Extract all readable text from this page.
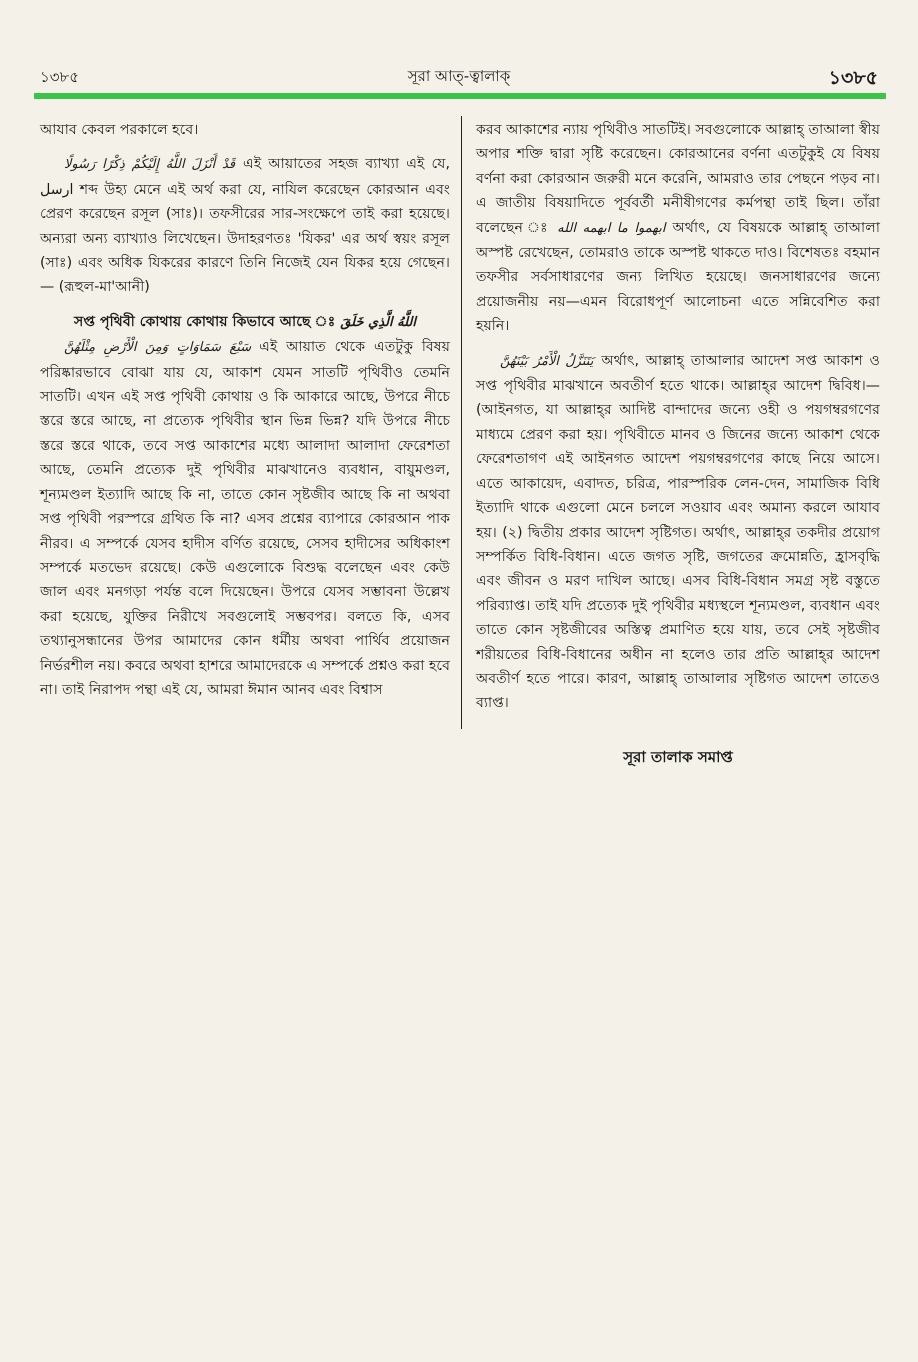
১৩৮৫	সূরা আত্-ত্বালাক্	১৩৮৫

আযাব কেবল পরকালে হবে।

قَدْ أَنْزَلَ اللَّهُ إِلَيْكُمْ ذِكْرًا رَسُولًا এই আয়াতের সহজ ব্যাখ্যা এই যে, ارسل শব্দ উহ্য মেনে এই অর্থ করা যে, নাযিল করেছেন কোরআন এবং প্রেরণ করেছেন রসূল (সাঃ)। তফসীরের সার-সংক্ষেপে তাই করা হয়েছে। অন্যরা অন্য ব্যাখ্যাও লিখেছেন। উদাহরণতঃ 'যিকর' এর অর্থ স্বয়ং রসূল (সাঃ) এবং অধিক যিকরের কারণে তিনি নিজেই যেন যিকর হয়ে গেছেন।— (রূহুল-মা'আনী)

সপ্ত পৃথিবী কোথায় কোথায় কিভাবে আছে ঃ اللَّهُ الَّذِي خَلَقَ

سَبْعَ سَمَاوَاتٍ وَمِنَ الْأَرْضِ مِثْلَهُنَّ এই আয়াত থেকে এতটুকু বিষয় পরিষ্কারভাবে বোঝা যায় যে, আকাশ যেমন সাতটি পৃথিবীও তেমনি সাতটি। এখন এই সপ্ত পৃথিবী কোথায় ও কি আকারে আছে, উপরে নীচে স্তরে স্তরে আছে, না প্রত্যেক পৃথিবীর স্থান ভিন্ন ভিন্ন? যদি উপরে নীচে স্তরে স্তরে থাকে, তবে সপ্ত আকাশের মধ্যে আলাদা আলাদা ফেরেশতা আছে, তেমনি প্রত্যেক দুই পৃথিবীর মাঝখানেও ব্যবধান, বায়ুমণ্ডল, শূন্যমণ্ডল ইত্যাদি আছে কি না, তাতে কোন সৃষ্টজীব আছে কি না অথবা সপ্ত পৃথিবী পরস্পরে গ্রথিত কি না? এসব প্রশ্নের ব্যাপারে কোরআন পাক নীরব। এ সম্পর্কে যেসব হাদীস বর্ণিত রয়েছে, সেসব হাদীসের অধিকাংশ সম্পর্কে মতভেদ রয়েছে। কেউ এগুলোকে বিশুদ্ধ বলেছেন এবং কেউ জাল এবং মনগড়া পর্যন্ত বলে দিয়েছেন। উপরে যেসব সম্ভাবনা উল্লেখ করা হয়েছে, যুক্তির নিরীখে সবগুলোই সম্ভবপর। বলতে কি, এসব তথ্যানুসন্ধানের উপর আমাদের কোন ধর্মীয় অথবা পার্থিব প্রয়োজন নির্ভরশীল নয়। কবরে অথবা হাশরে আমাদেরকে এ সম্পর্কে প্রশ্নও করা হবে না। তাই নিরাপদ পন্থা এই যে, আমরা ঈমান আনব এবং বিশ্বাস

করব আকাশের ন্যায় পৃথিবীও সাতটিই। সবগুলোকে আল্লাহ্ তাআলা স্বীয় অপার শক্তি দ্বারা সৃষ্টি করেছেন। কোরআনের বর্ণনা এতটুকুই যে বিষয় বর্ণনা করা কোরআন জরুরী মনে করেনি, আমরাও তার পেছনে পড়ব না। এ জাতীয় বিষয়াদিতে পূর্ববর্তী মনীষীগণের কর্মপন্থা তাই ছিল। তাঁরা বলেছেন ঃ ابهموا ما ابهمه الله অর্থাৎ, যে বিষয়কে আল্লাহ্ তাআলা অস্পষ্ট রেখেছেন, তোমরাও তাকে অস্পষ্ট থাকতে দাও। বিশেষতঃ বহমান তফসীর সর্বসাধারণের জন্য লিখিত হয়েছে। জনসাধারণের জন্যে প্রয়োজনীয় নয়—এমন বিরোধপূর্ণ আলোচনা এতে সন্নিবেশিত করা হয়নি।

يَتَنَزَّلُ الْأَمْرُ بَيْنَهُنَّ অর্থাৎ, আল্লাহ্ তাআলার আদেশ সপ্ত আকাশ ও সপ্ত পৃথিবীর মাঝখানে অবতীর্ণ হতে থাকে। আল্লাহ্‌র আদেশ দ্বিবিধ।— (আইনগত, যা আল্লাহ্‌র আদিষ্ট বান্দাদের জন্যে ওহী ও পয়গম্বরগণের মাধ্যমে প্রেরণ করা হয়। পৃথিবীতে মানব ও জিনের জন্যে আকাশ থেকে ফেরেশতাগণ এই আইনগত আদেশ পয়গম্বরগণের কাছে নিয়ে আসে। এতে আকায়েদ, এবাদত, চরিত্র, পারস্পরিক লেন-দেন, সামাজিক বিধি ইত্যাদি থাকে এগুলো মেনে চললে সওয়াব এবং অমান্য করলে আযাব হয়। (২) দ্বিতীয় প্রকার আদেশ সৃষ্টিগত। অর্থাৎ, আল্লাহ্‌র তকদীর প্রয়োগ সম্পর্কিত বিধি-বিধান। এতে জগত সৃষ্টি, জগতের ক্রমোন্নতি, হ্রাসবৃদ্ধি এবং জীবন ও মরণ দাখিল আছে। এসব বিধি-বিধান সমগ্র সৃষ্ট বস্তুতে পরিব্যাপ্ত। তাই যদি প্রত্যেক দুই পৃথিবীর মধ্যস্থলে শূন্যমণ্ডল, ব্যবধান এবং তাতে কোন সৃষ্টজীবের অস্তিত্ব প্রমাণিত হয়ে যায়, তবে সেই সৃষ্টজীব শরীয়তের বিধি-বিধানের অধীন না হলেও তার প্রতি আল্লাহ্‌র আদেশ অবতীর্ণ হতে পারে। কারণ, আল্লাহ্ তাআলার সৃষ্টিগত আদেশ তাতেও ব্যাপ্ত।

সূরা তালাক সমাপ্ত
